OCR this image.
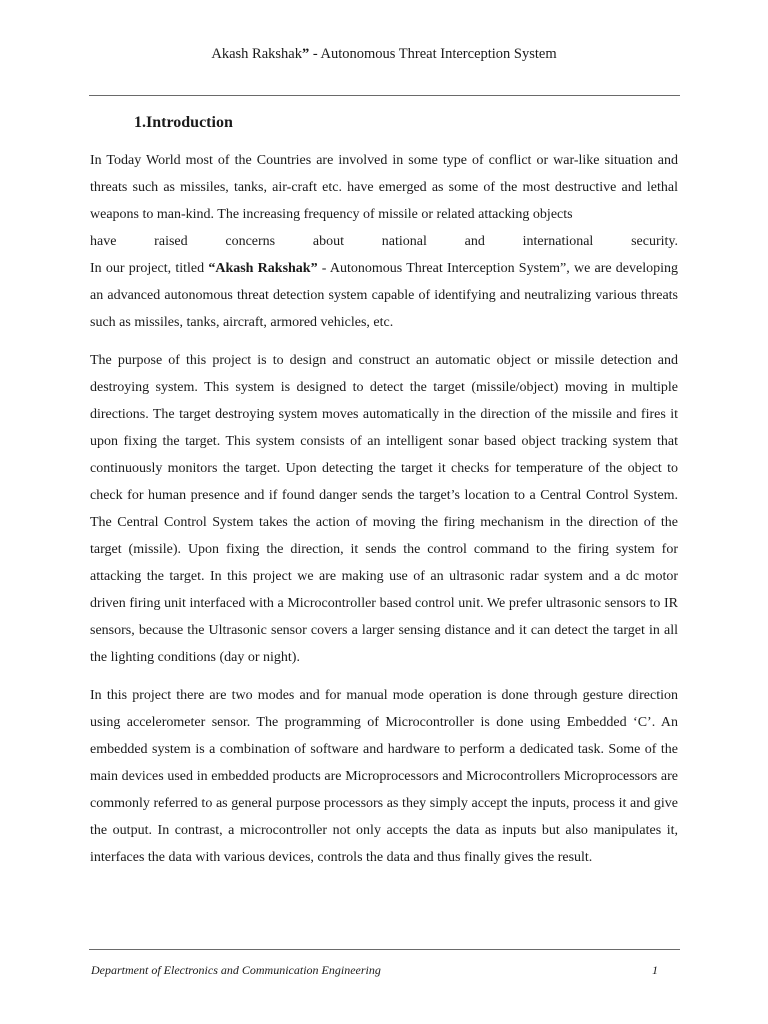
Akash Rakshak” - Autonomous Threat Interception System
1.Introduction

In Today World most of the Countries are involved in some type of conflict or war-like situation and threats such as missiles, tanks, air-craft etc. have emerged as some of the most destructive and lethal weapons to man-kind. The increasing frequency of missile or related attacking objects
have raised concerns about national and international security.
In our project, titled “Akash Rakshak” - Autonomous Threat Interception System”, we are developing an advanced autonomous threat detection system capable of identifying and neutralizing various threats such as missiles, tanks, aircraft, armored vehicles, etc.

The purpose of this project is to design and construct an automatic object or missile detection and destroying system. This system is designed to detect the target (missile/object) moving in multiple directions. The target destroying system moves automatically in the direction of the missile and fires it upon fixing the target. This system consists of an intelligent sonar based object tracking system that continuously monitors the target. Upon detecting the target it checks for temperature of the object to check for human presence and if found danger sends the target’s location to a Central Control System. The Central Control System takes the action of moving the firing mechanism in the direction of the target (missile). Upon fixing the direction, it sends the control command to the firing system for attacking the target. In this project we are making use of an ultrasonic radar system and a dc motor driven firing unit interfaced with a Microcontroller based control unit. We prefer ultrasonic sensors to IR sensors, because the Ultrasonic sensor covers a larger sensing distance and it can detect the target in all the lighting conditions (day or night).

In this project there are two modes and for manual mode operation is done through gesture direction using accelerometer sensor. The programming of Microcontroller is done using Embedded ‘C’. An embedded system is a combination of software and hardware to perform a dedicated task. Some of the main devices used in embedded products are Microprocessors and Microcontrollers Microprocessors are commonly referred to as general purpose processors as they simply accept the inputs, process it and give the output. In contrast, a microcontroller not only accepts the data as inputs but also manipulates it, interfaces the data with various devices, controls the data and thus finally gives the result.

Department of Electronics and Communication Engineering	1
